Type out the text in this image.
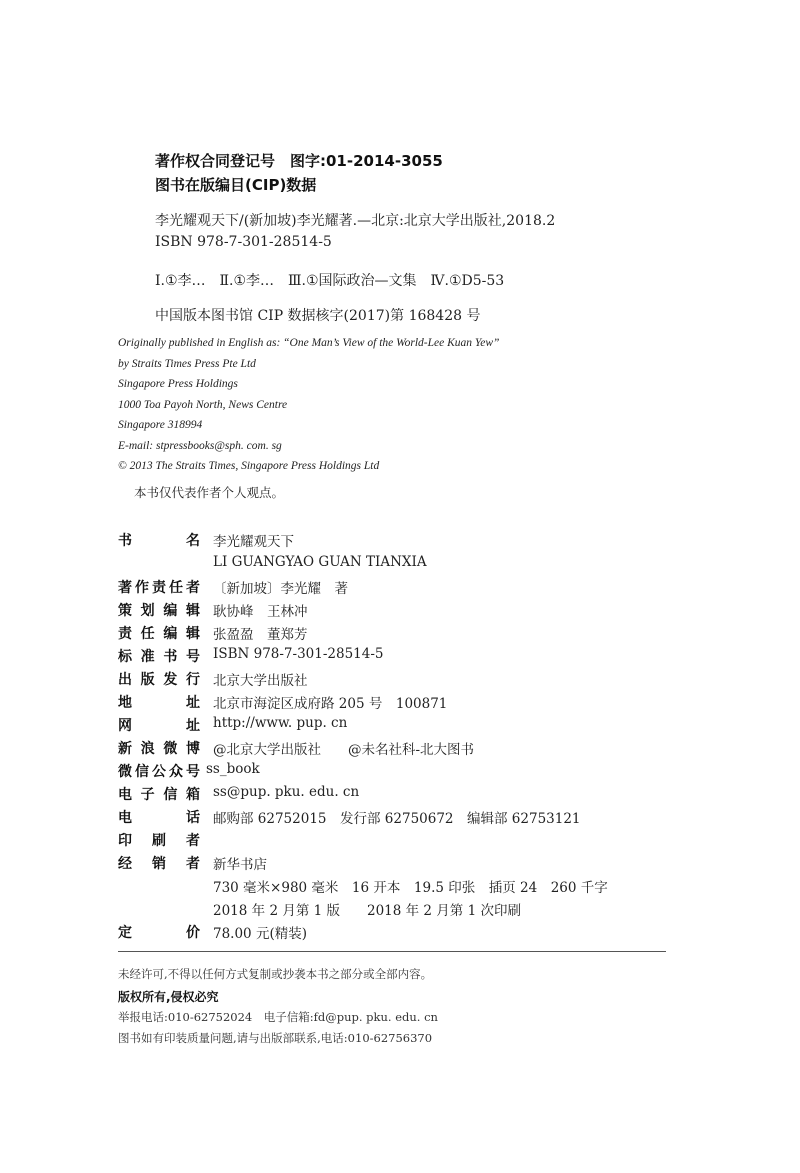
著作权合同登记号　图字:01-2014-3055
图书在版编目(CIP)数据
李光耀观天下/(新加坡)李光耀著.—北京:北京大学出版社,2018.2
ISBN 978-7-301-28514-5
Ⅰ.①李…　Ⅱ.①李…　Ⅲ.①国际政治—文集　Ⅳ.①D5-53
中国版本图书馆 CIP 数据核字(2017)第 168428 号
Originally published in English as: “One Man’s View of the World-Lee Kuan Yew”
by Straits Times Press Pte Ltd
Singapore Press Holdings
1000 Toa Payoh North, News Centre
Singapore 318994
E-mail: stpressbooks@sph. com. sg
© 2013 The Straits Times, Singapore Press Holdings Ltd
本书仅代表作者个人观点。
书	名 李光耀观天下
LI GUANGYAO GUAN TIANXIA
著 作 责 任 者 〔新加坡〕李光耀　著
策 划 编 辑 耿协峰　王林冲
责 任 编 辑 张盈盈　董郑芳
标 准 书 号 ISBN 978-7-301-28514-5
出 版 发 行 北京大学出版社
地	址 北京市海淀区成府路 205 号　100871
网	址 http://www. pup. cn
新 浪 微 博 @北京大学出版社　　@未名社科-北大图书
微 信 公 众 号 ss_book
电 子 信 箱 ss@pup. pku. edu. cn
电	话 邮购部 62752015　发行部 62750672　编辑部 62753121
印 刷 者
经 销 者 新华书店
730 毫米×980 毫米　16 开本　19.5 印张　插页 24　260 千字
2018 年 2 月第 1 版　　2018 年 2 月第 1 次印刷
定	价 78.00 元(精装)
未经许可,不得以任何方式复制或抄袭本书之部分或全部内容。
版权所有,侵权必究
举报电话:010-62752024　电子信箱:fd@pup. pku. edu. cn
图书如有印装质量问题,请与出版部联系,电话:010-62756370
